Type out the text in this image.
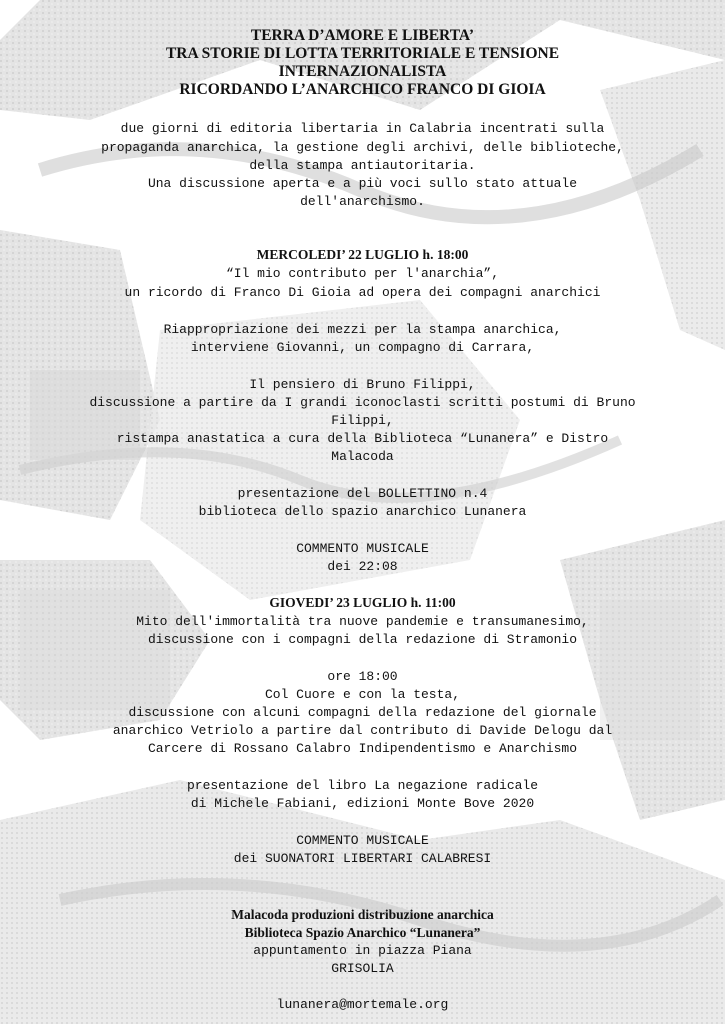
TERRA D’AMORE E LIBERTA’
TRA STORIE DI LOTTA TERRITORIALE E TENSIONE
INTERNAZIONALISTA
RICORDANDO L’ANARCHICO FRANCO DI GIOIA
due giorni di editoria libertaria in Calabria incentrati sulla
propaganda anarchica, la gestione degli archivi, delle biblioteche,
della stampa antiautoritaria.
Una discussione aperta e a più voci sullo stato attuale
dell'anarchismo.
MERCOLEDI’ 22 LUGLIO h. 18:00
“Il mio contributo per l'anarchia”,
un ricordo di Franco Di Gioia ad opera dei compagni anarchici
Riappropriazione dei mezzi per la stampa anarchica,
interviene Giovanni, un compagno di Carrara,
Il pensiero di Bruno Filippi,
discussione a partire da I grandi iconoclasti scritti postumi di Bruno
Filippi,
ristampa anastatica a cura della Biblioteca “Lunanera” e Distro
Malacoda
presentazione del BOLLETTINO n.4
biblioteca dello spazio anarchico Lunanera
COMMENTO MUSICALE
dei 22:08
GIOVEDI’ 23 LUGLIO h. 11:00
Mito dell'immortalità tra nuove pandemie e transumanesimo,
discussione con i compagni della redazione di Stramonio
ore 18:00
Col Cuore e con la testa,
discussione con alcuni compagni della redazione del giornale
anarchico Vetriolo a partire dal contributo di Davide Delogu dal
Carcere di Rossano Calabro Indipendentismo e Anarchismo
presentazione del libro La negazione radicale
di Michele Fabiani, edizioni Monte Bove 2020
COMMENTO MUSICALE
dei SUONATORI LIBERTARI CALABRESI
Malacoda produzioni distribuzione anarchica
Biblioteca Spazio Anarchico “Lunanera”
appuntamento in piazza Piana
GRISOLIA
lunanera@mortemale.org
